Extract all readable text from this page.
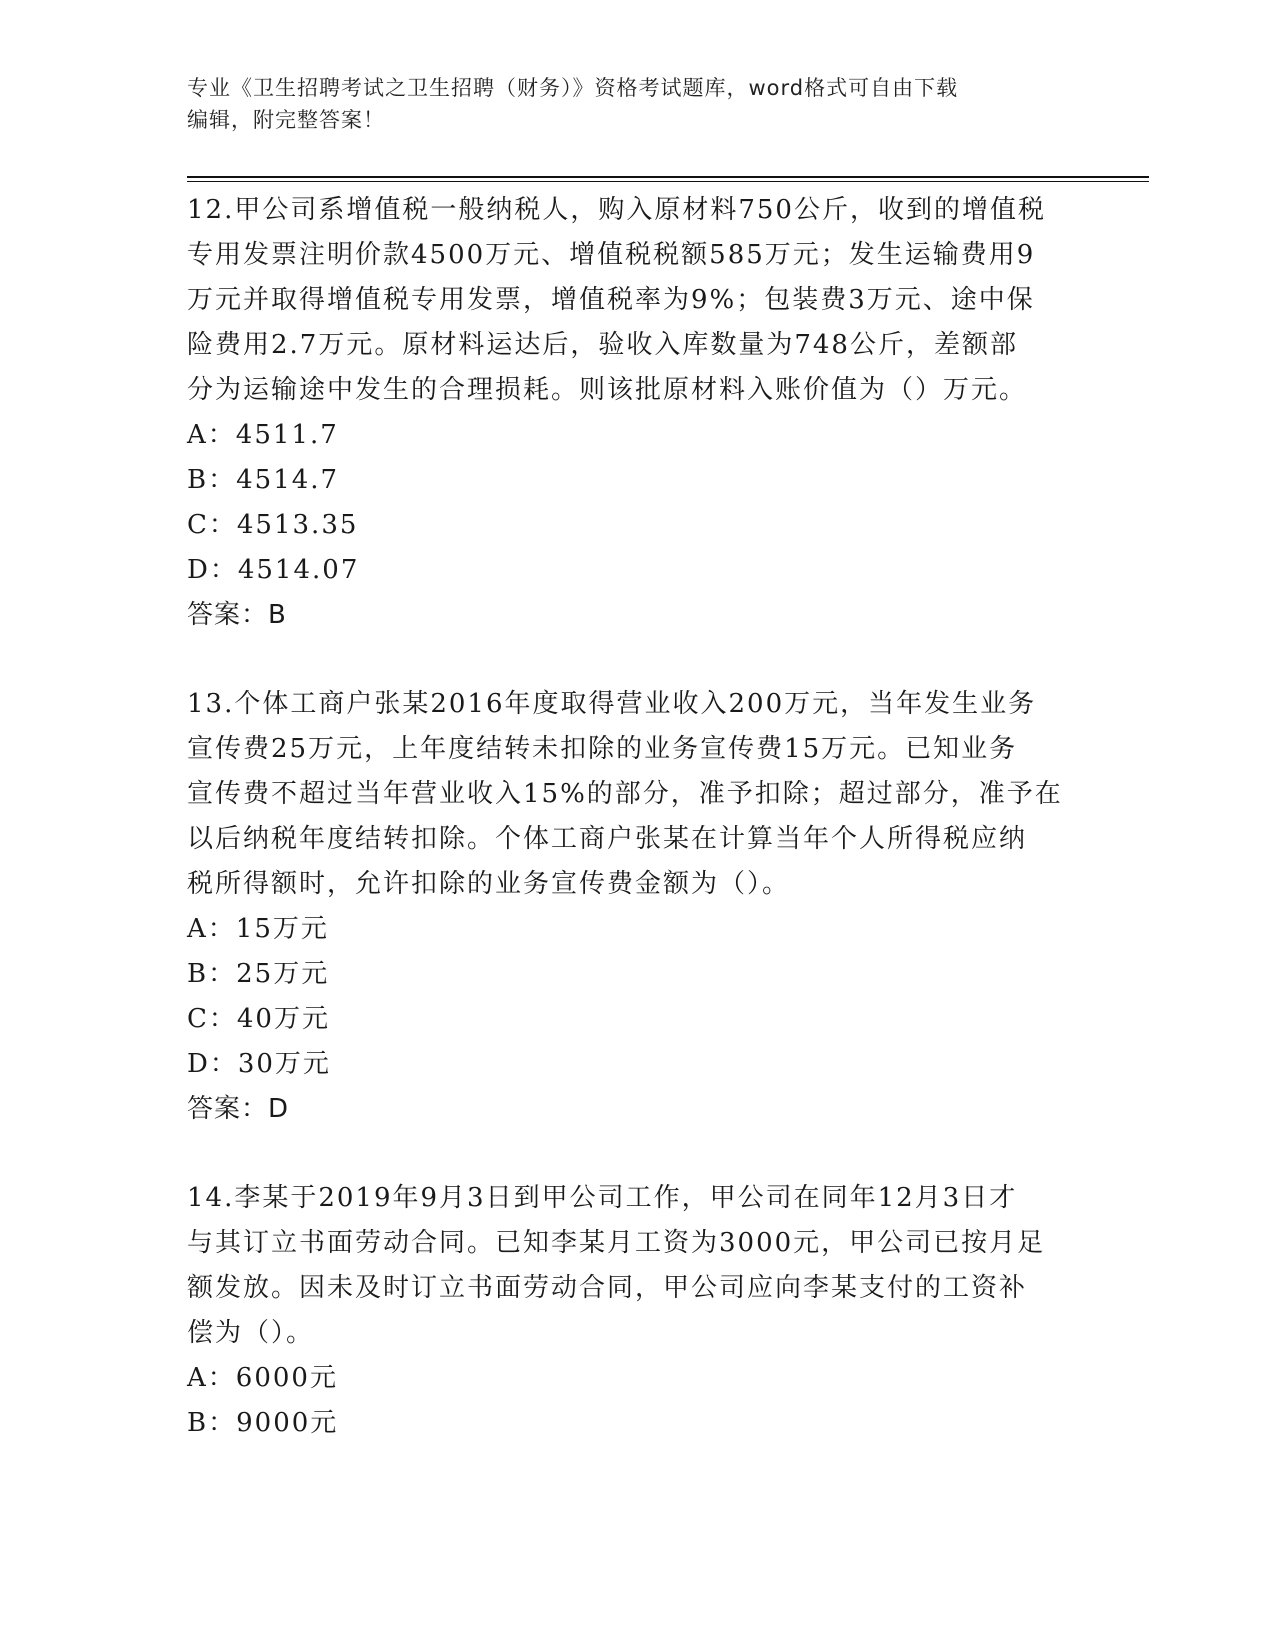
专业《卫生招聘考试之卫生招聘（财务）》资格考试题库，word格式可自由下载
编辑，附完整答案！
12.甲公司系增值税一般纳税人，购入原材料750公斤，收到的增值税
专用发票注明价款4500万元、增值税税额585万元；发生运输费用9
万元并取得增值税专用发票，增值税率为9%；包装费3万元、途中保
险费用2.7万元。原材料运达后，验收入库数量为748公斤，差额部
分为运输途中发生的合理损耗。则该批原材料入账价值为（）万元。
A：4511.7
B：4514.7
C：4513.35
D：4514.07
答案：B
13.个体工商户张某2016年度取得营业收入200万元，当年发生业务
宣传费25万元，上年度结转未扣除的业务宣传费15万元。已知业务
宣传费不超过当年营业收入15%的部分，准予扣除；超过部分，准予在
以后纳税年度结转扣除。个体工商户张某在计算当年个人所得税应纳
税所得额时，允许扣除的业务宣传费金额为（）。
A：15万元
B：25万元
C：40万元
D：30万元
答案：D
14.李某于2019年9月3日到甲公司工作，甲公司在同年12月3日才
与其订立书面劳动合同。已知李某月工资为3000元，甲公司已按月足
额发放。因未及时订立书面劳动合同，甲公司应向李某支付的工资补
偿为（）。
A：6000元
B：9000元
